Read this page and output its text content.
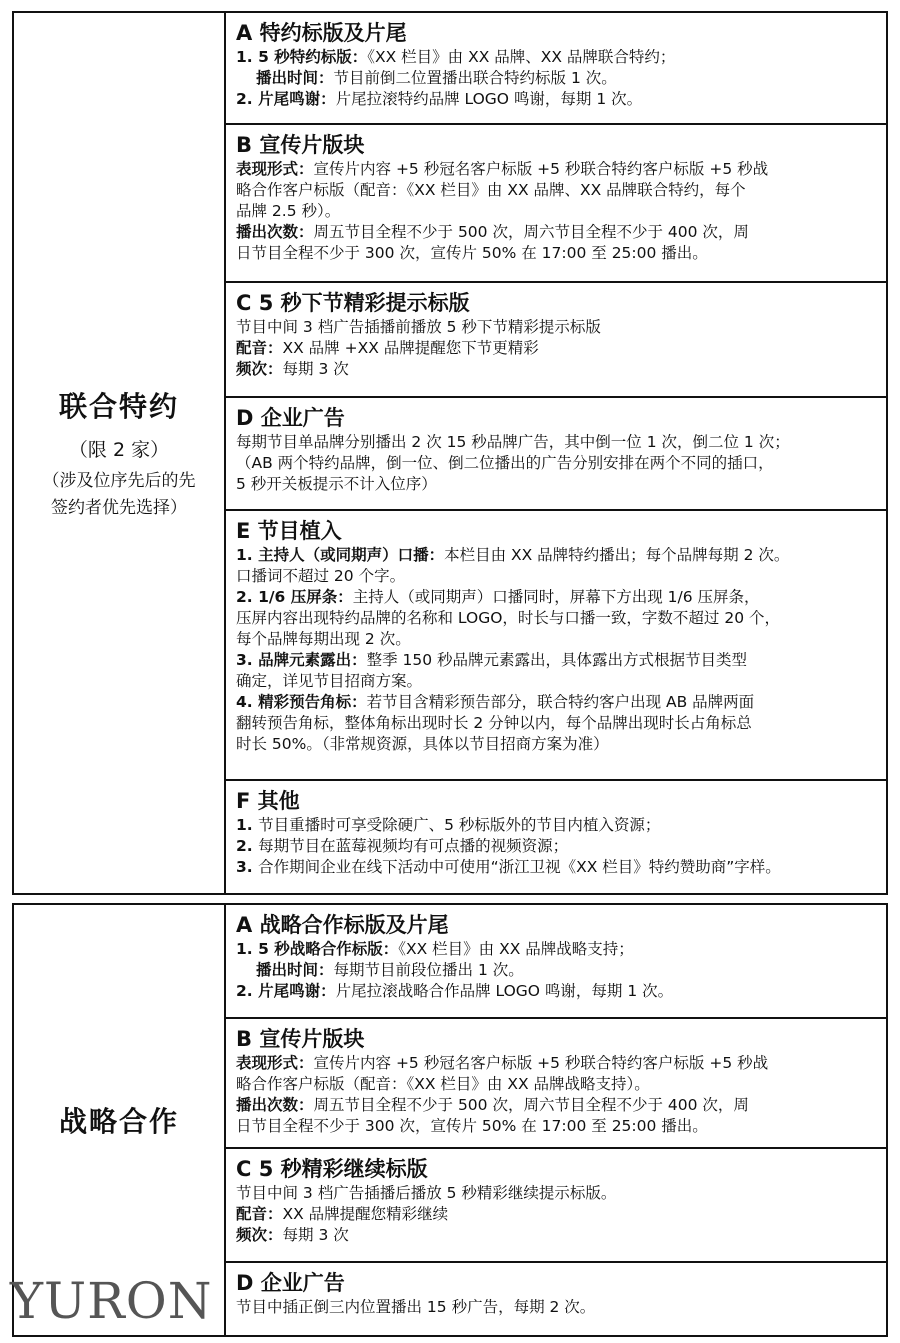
联合特约
（限 2 家）
（涉及位序先后的先
签约者优先选择）
A 特约标版及片尾
1. 5 秒特约标版：《XX 栏目》由 XX 品牌、XX 品牌联合特约；
播出时间：节目前倒二位置播出联合特约标版 1 次。
2. 片尾鸣谢：片尾拉滚特约品牌 LOGO 鸣谢，每期 1 次。
B 宣传片版块
表现形式：宣传片内容 +5 秒冠名客户标版 +5 秒联合特约客户标版 +5 秒战
略合作客户标版（配音：《XX 栏目》由 XX 品牌、XX 品牌联合特约，每个
品牌 2.5 秒）。
播出次数：周五节目全程不少于 500 次，周六节目全程不少于 400 次，周
日节目全程不少于 300 次，宣传片 50% 在 17:00 至 25:00 播出。
C 5 秒下节精彩提示标版
节目中间 3 档广告插播前播放 5 秒下节精彩提示标版
配音：XX 品牌 +XX 品牌提醒您下节更精彩
频次：每期 3 次
D 企业广告
每期节目单品牌分别播出 2 次 15 秒品牌广告，其中倒一位 1 次，倒二位 1 次；
（AB 两个特约品牌，倒一位、倒二位播出的广告分别安排在两个不同的插口，
5 秒开关板提示不计入位序）
E 节目植入
1. 主持人（或同期声）口播：本栏目由 XX 品牌特约播出；每个品牌每期 2 次。
口播词不超过 20 个字。
2. 1/6 压屏条：主持人（或同期声）口播同时，屏幕下方出现 1/6 压屏条，
压屏内容出现特约品牌的名称和 LOGO，时长与口播一致，字数不超过 20 个，
每个品牌每期出现 2 次。
3. 品牌元素露出：整季 150 秒品牌元素露出，具体露出方式根据节目类型
确定，详见节目招商方案。
4. 精彩预告角标：若节目含精彩预告部分，联合特约客户出现 AB 品牌两面
翻转预告角标，整体角标出现时长 2 分钟以内，每个品牌出现时长占角标总
时长 50%。（非常规资源，具体以节目招商方案为准）
F 其他
1. 节目重播时可享受除硬广、5 秒标版外的节目内植入资源；
2. 每期节目在蓝莓视频均有可点播的视频资源；
3. 合作期间企业在线下活动中可使用“浙江卫视《XX 栏目》特约赞助商”字样。
战略合作
A 战略合作标版及片尾
1. 5 秒战略合作标版：《XX 栏目》由 XX 品牌战略支持；
播出时间：每期节目前段位播出 1 次。
2. 片尾鸣谢：片尾拉滚战略合作品牌 LOGO 鸣谢，每期 1 次。
B 宣传片版块
表现形式：宣传片内容 +5 秒冠名客户标版 +5 秒联合特约客户标版 +5 秒战
略合作客户标版（配音：《XX 栏目》由 XX 品牌战略支持）。
播出次数：周五节目全程不少于 500 次，周六节目全程不少于 400 次，周
日节目全程不少于 300 次，宣传片 50% 在 17:00 至 25:00 播出。
C 5 秒精彩继续标版
节目中间 3 档广告插播后播放 5 秒精彩继续提示标版。
配音：XX 品牌提醒您精彩继续
频次：每期 3 次
D 企业广告
节目中插正倒三内位置播出 15 秒广告，每期 2 次。
YURON
